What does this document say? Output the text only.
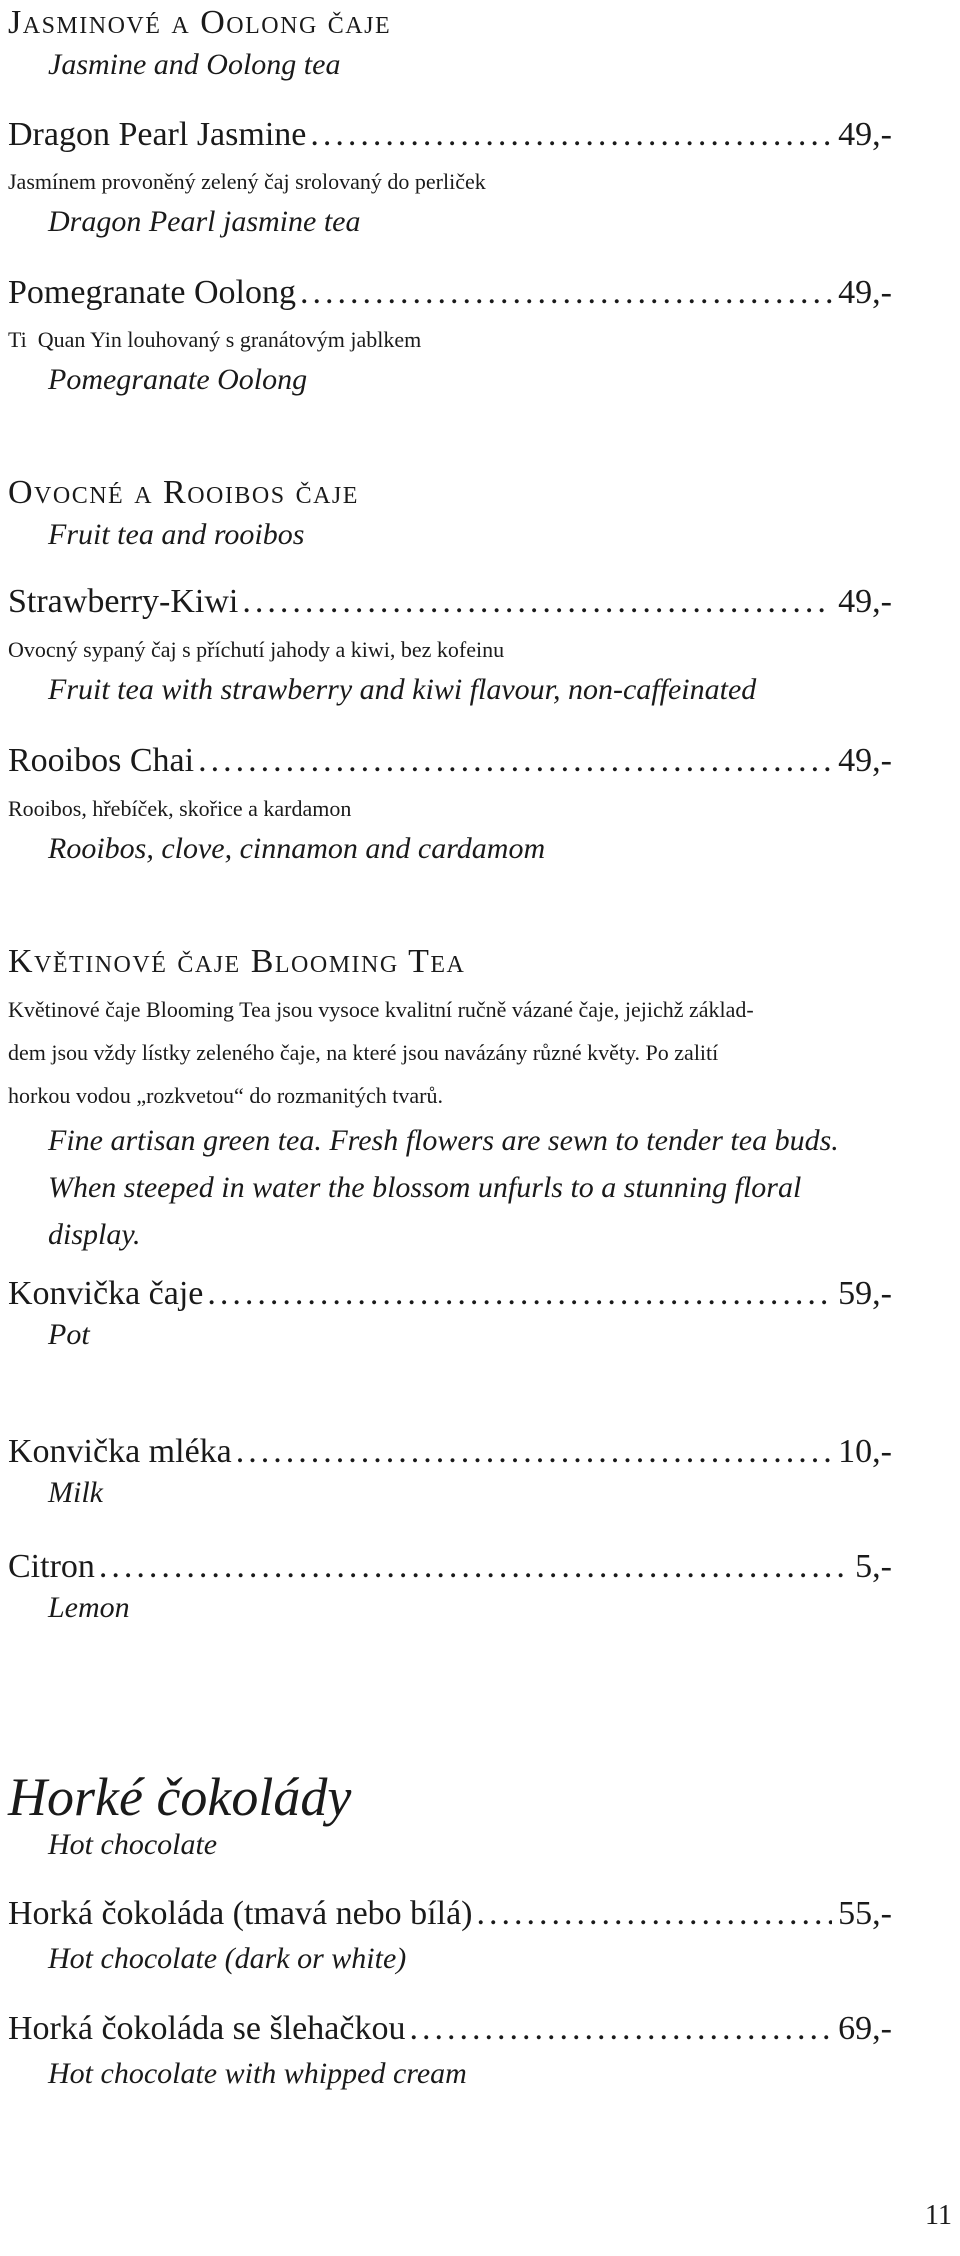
Jasminové a Oolong čaje
Jasmine and Oolong tea
Dragon Pearl Jasmine .....	49,-
Jasmínem provoněný zelený čaj srolovaný do perliček
Dragon Pearl jasmine tea
Pomegranate Oolong .....	49,-
Ti  Quan Yin louhovaný s granátovým jablkem
Pomegranate Oolong
Ovocné a Rooibos čaje
Fruit tea and rooibos
Strawberry-Kiwi .....	49,-
Ovocný sypaný čaj s příchutí jahody a kiwi, bez kofeinu
Fruit tea with strawberry and kiwi flavour, non-caffeinated
Rooibos Chai .....	49,-
Rooibos, hřebíček, skořice a kardamon
Rooibos, clove, cinnamon and cardamom
Květinové čaje Blooming Tea
Květinové čaje Blooming Tea jsou vysoce kvalitní ručně vázané čaje, jejichž základ-
dem jsou vždy lístky zeleného čaje, na které jsou navázány různé květy. Po zalití
horkou vodou „rozkvetou“ do rozmanitých tvarů.
Fine artisan green tea. Fresh flowers are sewn to tender tea buds.
When steeped in water the blossom unfurls to a stunning floral
display.
Konvička čaje .....	59,-
Pot
Konvička mléka .....	10,-
Milk
Citron .....	5,-
Lemon
Horké čokolády
Hot chocolate
Horká čokoláda (tmavá nebo bílá) .....	55,-
Hot chocolate (dark or white)
Horká čokoláda se šlehačkou .....	69,-
Hot chocolate with whipped cream
11
